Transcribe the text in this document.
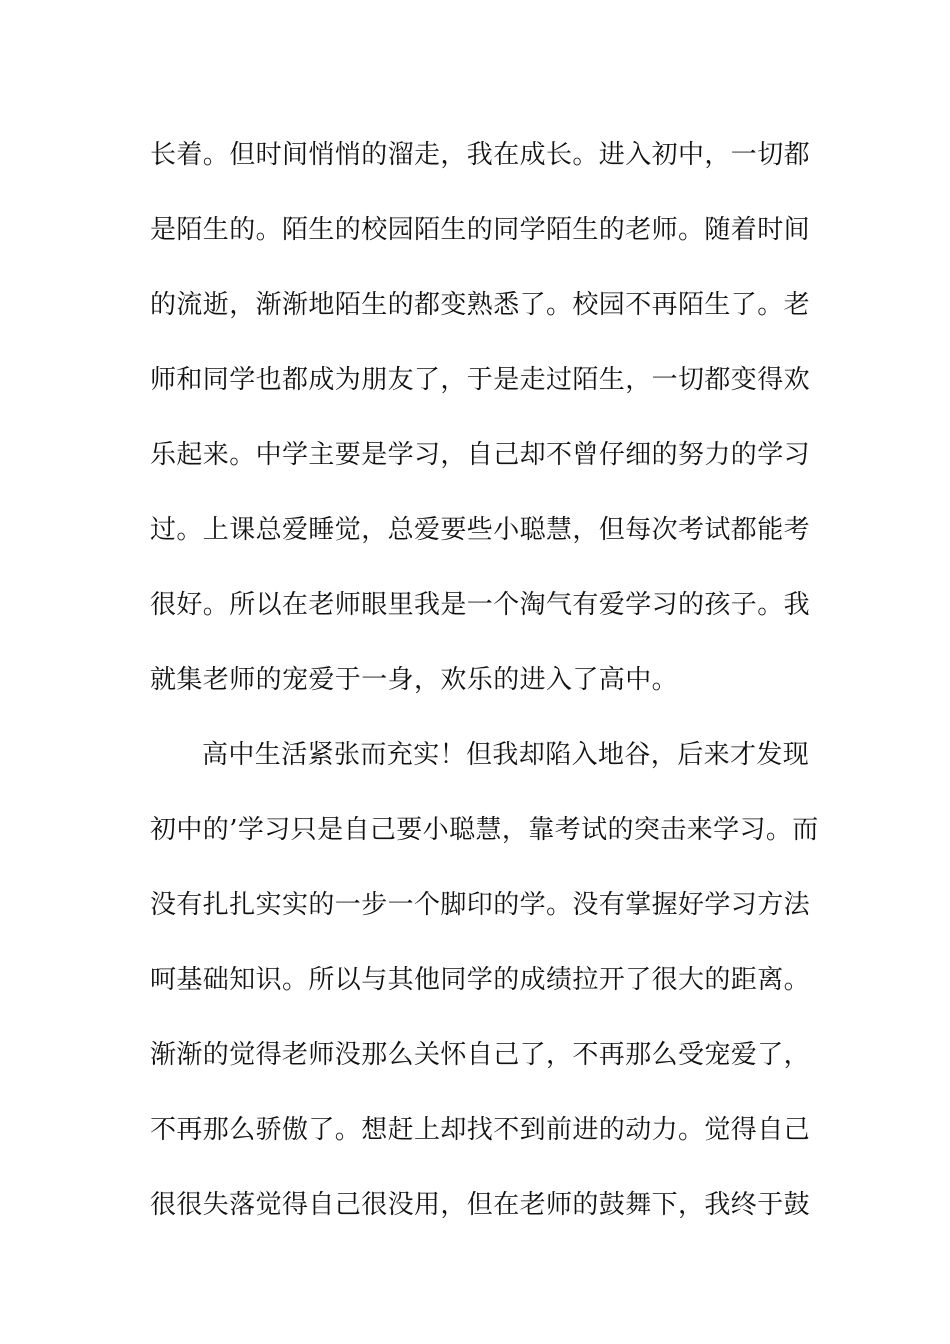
长着。但时间悄悄的溜走，我在成长。进入初中，一切都
是陌生的。陌生的校园陌生的同学陌生的老师。随着时间
的流逝，渐渐地陌生的都变熟悉了。校园不再陌生了。老
师和同学也都成为朋友了，于是走过陌生，一切都变得欢
乐起来。中学主要是学习，自己却不曾仔细的努力的学习
过。上课总爱睡觉，总爱要些小聪慧，但每次考试都能考
很好。所以在老师眼里我是一个淘气有爱学习的孩子。我
就集老师的宠爱于一身，欢乐的进入了高中。
高中生活紧张而充实！但我却陷入地谷，后来才发现
初中的’学习只是自己要小聪慧，靠考试的突击来学习。而
没有扎扎实实的一步一个脚印的学。没有掌握好学习方法
呵基础知识。所以与其他同学的成绩拉开了很大的距离。
渐渐的觉得老师没那么关怀自己了，不再那么受宠爱了，
不再那么骄傲了。想赶上却找不到前进的动力。觉得自己
很很失落觉得自己很没用，但在老师的鼓舞下，我终于鼓
